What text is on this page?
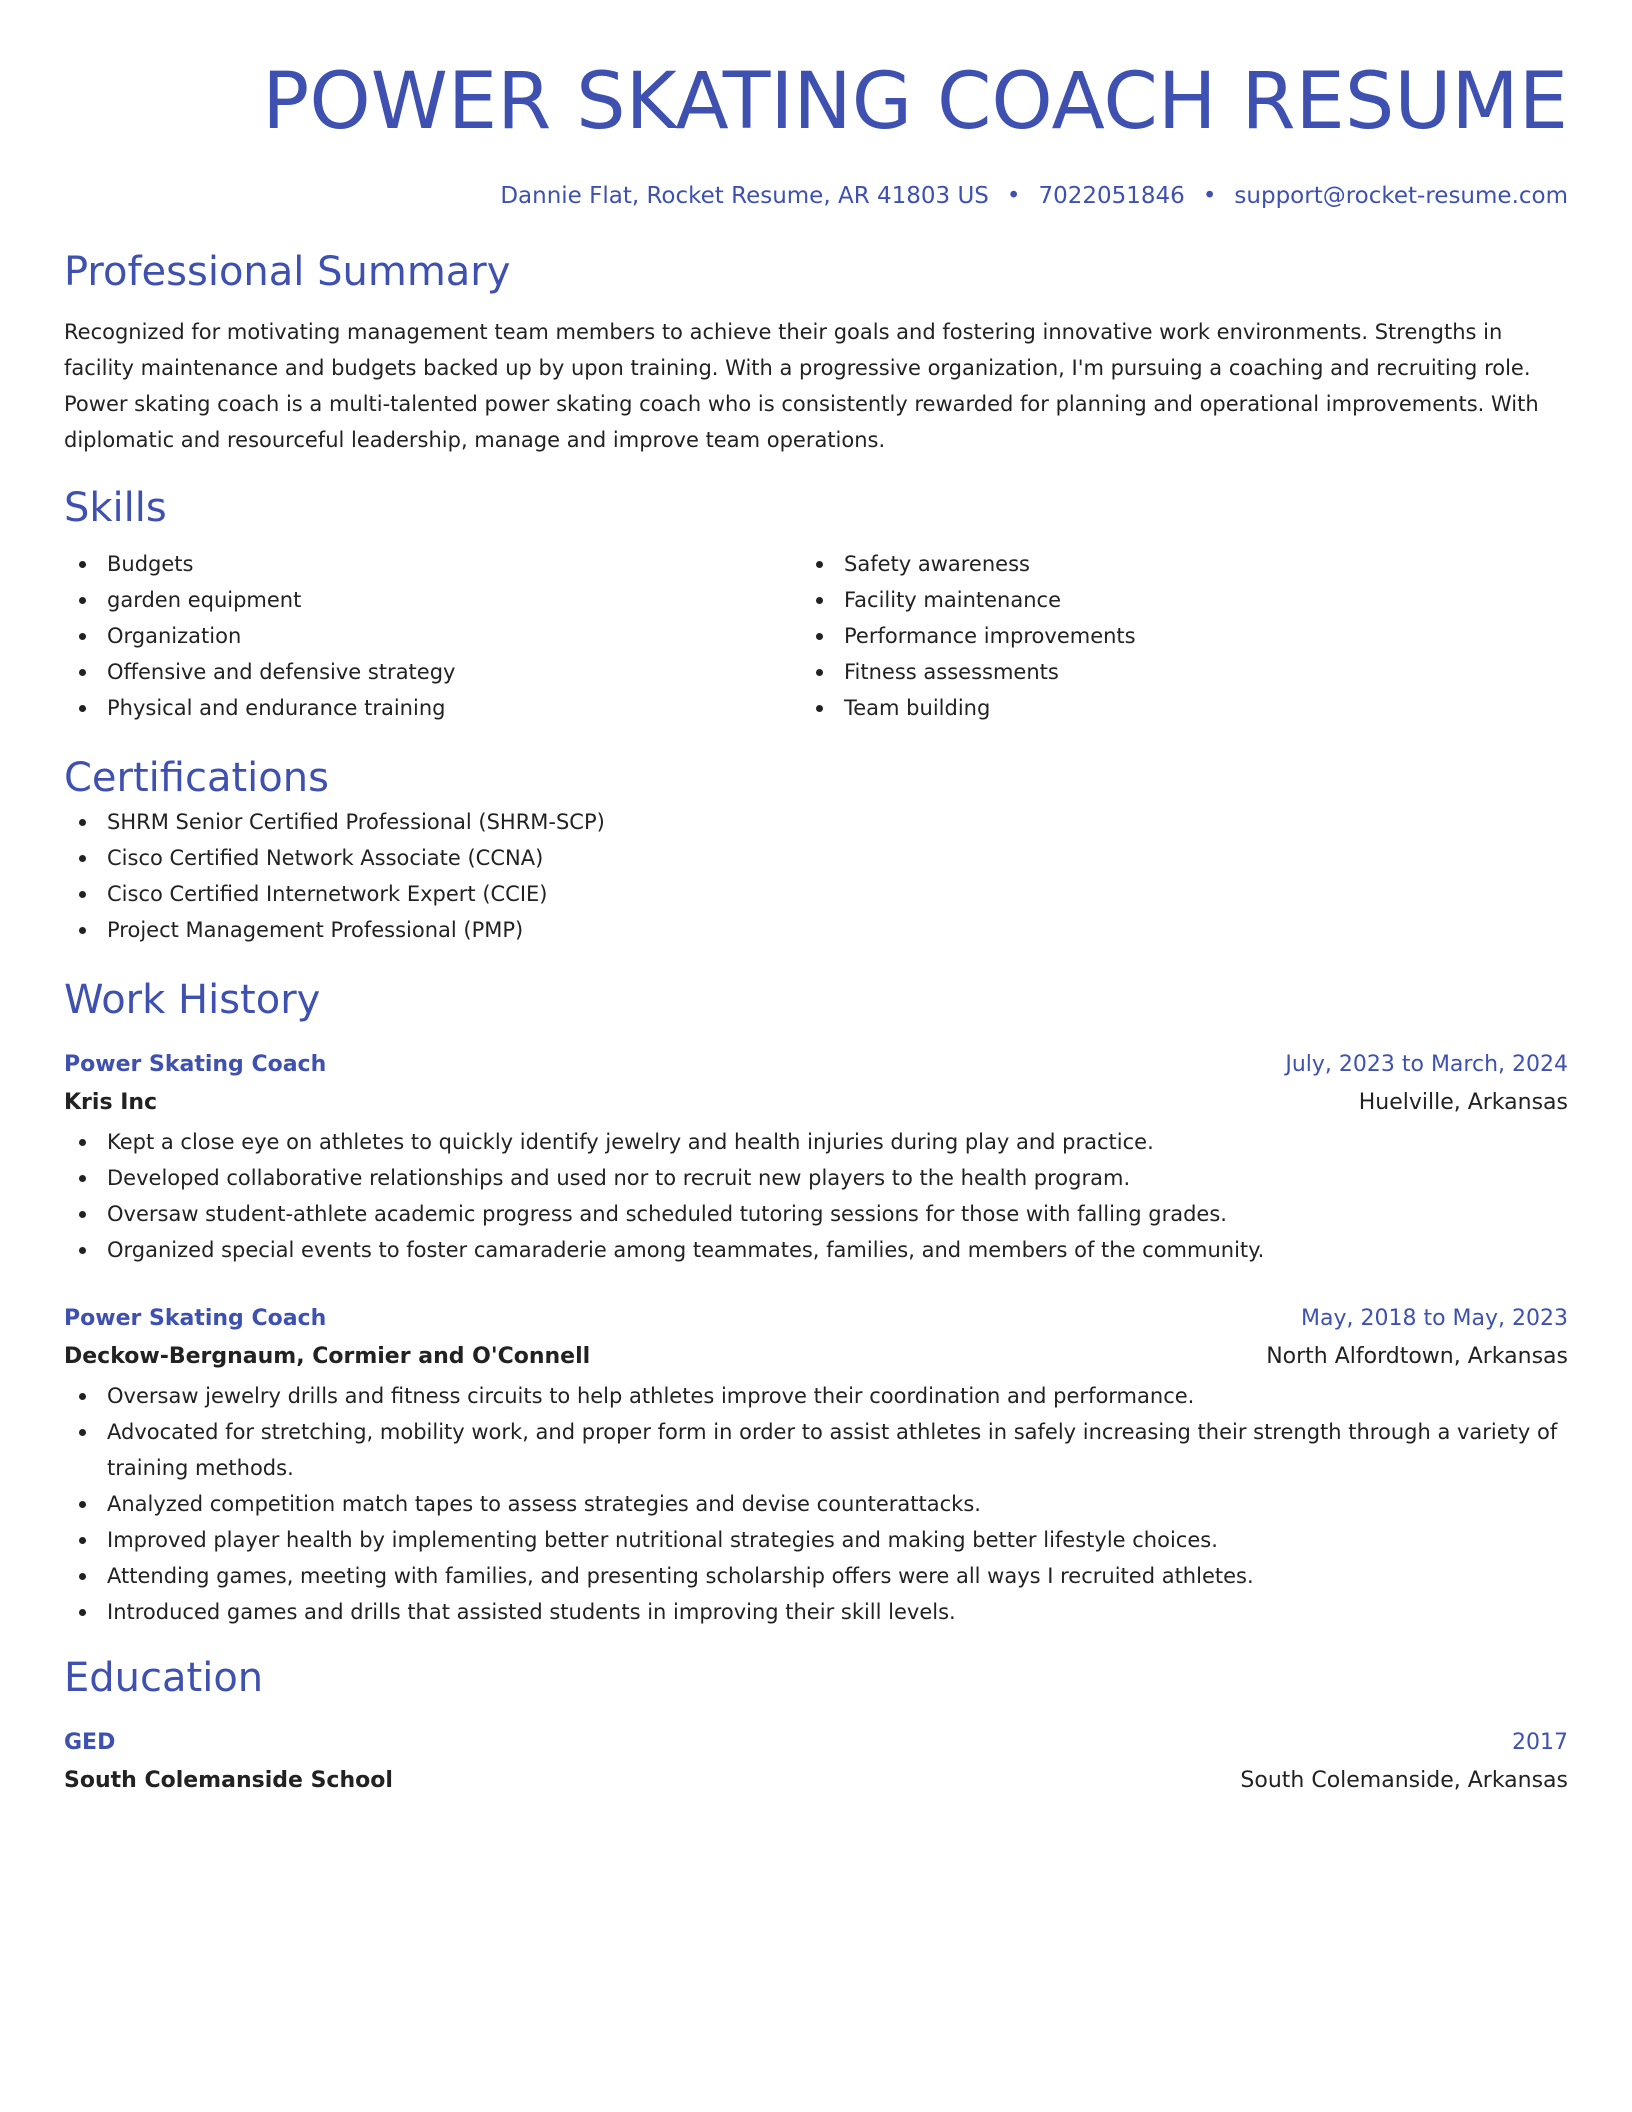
POWER SKATING COACH RESUME
Dannie Flat, Rocket Resume, AR 41803 US • 7022051846 • support@rocket-resume.com
Professional Summary

Recognized for motivating management team members to achieve their goals and fostering innovative work environments. Strengths in facility maintenance and budgets backed up by upon training. With a progressive organization, I'm pursuing a coaching and recruiting role. Power skating coach is a multi-talented power skating coach who is consistently rewarded for planning and operational improvements. With diplomatic and resourceful leadership, manage and improve team operations.

Skills
Budgets
garden equipment
Organization
Offensive and defensive strategy
Physical and endurance training
Safety awareness
Facility maintenance
Performance improvements
Fitness assessments
Team building
Certifications
SHRM Senior Certified Professional (SHRM-SCP)
Cisco Certified Network Associate (CCNA)
Cisco Certified Internetwork Expert (CCIE)
Project Management Professional (PMP)
Work History
Power Skating Coach	July, 2023 to March, 2024
Kris Inc	Huelville, Arkansas
Kept a close eye on athletes to quickly identify jewelry and health injuries during play and practice.
Developed collaborative relationships and used nor to recruit new players to the health program.
Oversaw student-athlete academic progress and scheduled tutoring sessions for those with falling grades.
Organized special events to foster camaraderie among teammates, families, and members of the community.
Power Skating Coach	May, 2018 to May, 2023
Deckow-Bergnaum, Cormier and O'Connell	North Alfordtown, Arkansas
Oversaw jewelry drills and fitness circuits to help athletes improve their coordination and performance.
Advocated for stretching, mobility work, and proper form in order to assist athletes in safely increasing their strength through a variety of training methods.
Analyzed competition match tapes to assess strategies and devise counterattacks.
Improved player health by implementing better nutritional strategies and making better lifestyle choices.
Attending games, meeting with families, and presenting scholarship offers were all ways I recruited athletes.
Introduced games and drills that assisted students in improving their skill levels.
Education
GED	2017
South Colemanside School	South Colemanside, Arkansas
